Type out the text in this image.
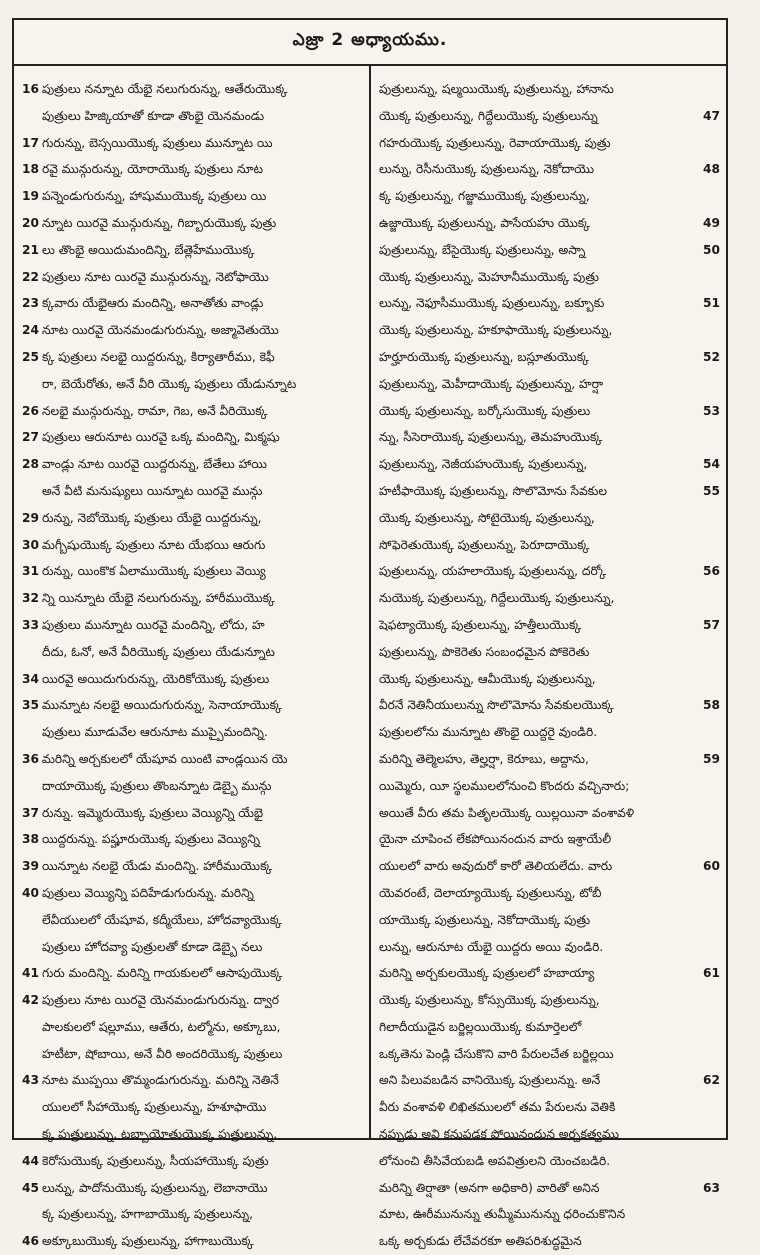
ఎజ్రా 2 అధ్యాయము.
16 పుత్రులు నన్నూట యేభై నలుగురున్ను, ఆతేరుయొక్క
పుత్రులు హిజ్కియాతో కూడా తొంభై యెనమండు
17 గురున్ను, బెస్సయియొక్క పుత్రులు మున్నూట యి
18 రవై మున్గురున్ను, యోరాయొక్క పుత్రులు నూట
19 పన్నెండుగురున్ను, హాషుముయొక్క పుత్రులు యి
20 న్నూట యిరవై మున్గురున్ను, గిబ్బారుయొక్క పుత్రు
21 లు తొంభై అయిదుమందిన్ని, బేత్లెహేముయొక్క
22 పుత్రులు నూట యిరవై మున్గురున్ను, నెటోఫాయొ
23 క్కవారు యేభైఆరు మందిన్ని, అనాతోతు వాండ్లు
24 నూట యిరవై యెనమండుగురున్ను, అజ్మావెతుయొ
25 క్క పుత్రులు నలభై యిద్దరున్ను, కిర్యాతారీము, కెఫీ
రా, బెయేరోతు, అనే వీరి యొక్క పుత్రులు యేడున్నూట
26 నలభై మున్గురున్ను, రామా, గెబ, అనే వీరియొక్క
27 పుత్రులు ఆరునూట యిరవై ఒక్క మందిన్ని, మిక్మషు
28 వాండ్లు నూట యిరవై యిద్దరున్ను, బేతేలు హాయి
అనే వీటి మనుష్యులు యిన్నూట యిరవై మున్గు
29 రున్ను, నెబోయొక్క పుత్రులు యేభై యిద్దరున్ను,
30 మగ్బీషుయొక్క పుత్రులు నూట యేభయి ఆరుగు
31 రున్ను, యింకొక ఏలాముయొక్క పుత్రులు వెయ్యి
32 న్ని యిన్నూట యేభై నలుగురున్ను, హారీముయొక్క
33 పుత్రులు మున్నూట యిరవై మందిన్ని, లోదు, హ
దీదు, ఓనో, అనే వీరియొక్క పుత్రులు యేడున్నూట
34 యిరవై అయిదుగురున్ను, యెరికోయొక్క పుత్రులు
35 మున్నూట నలభై అయిదుగురున్ను, సెనాయాయొక్క
పుత్రులు మూడువేల ఆరునూట ముప్పైమందిన్ని.
36 మరిన్ని అర్చకులలో యేషూవ యింటి వాండ్లయిన యె
దాయాయొక్క పుత్రులు తొంబన్నూట డెబ్బై మున్గు
37 రున్ను. ఇమ్మెరుయొక్క పుత్రులు వెయ్యిన్ని యేభై
38 యిద్దరున్ను. పష్హూరుయొక్క పుత్రులు వెయ్యిన్ని
39 యిన్నూట నలభై యేడు మందిన్ని. హారీముయొక్క
40 పుత్రులు వెయ్యిన్ని పదిహేడుగురున్ను. మరిన్ని
లేవీయులలో యేషూవ, కద్మీయేలు, హోదవ్యాయొక్క
పుత్రులు హోదవ్యా పుత్రులతో కూడా డెబ్బై నలు
41 గురు మందిన్ని. మరిన్ని గాయకులలో ఆసాపుయొక్క
42 పుత్రులు నూట యిరవై యెనమండుగురున్ను. ద్వార
పాలకులలో షల్లూము, ఆతేరు, టల్మోను, అక్కూబు,
హటీటా, షోబాయి, అనే వీరి అందరియొక్క పుత్రులు
43 నూట ముప్పయి తొమ్మండుగురున్ను. మరిన్ని నెతినే
యులలో సీహాయొక్క పుత్రులున్ను, హశూఫాయొ
క్క పుత్రులున్ను, టబ్బాయోతుయొక్క పుత్రులున్ను,
44 కెరోసుయొక్క పుత్రులున్ను, సీయహాయొక్క పుత్రు
45 లున్ను, పాదోనుయొక్క పుత్రులున్ను, లెబానాయొ
క్క పుత్రులున్ను, హగాబాయొక్క పుత్రులున్ను,
46 అక్కూబుయొక్క పుత్రులున్ను, హాగాబుయొక్క
పుత్రులున్ను, షల్మయియొక్క పుత్రులున్ను, హానాను
యొక్క పుత్రులున్ను, గిద్దేలుయొక్క పుత్రులున్ను	47
గహరుయొక్క పుత్రులున్ను, రెవాయాయొక్క పుత్రు
లున్ను, రెసీనుయొక్క పుత్రులున్ను, నెకోదాయొ	48
క్క పుత్రులున్ను, గజ్జాముయొక్క పుత్రులున్ను,
ఉజ్జాయొక్క పుత్రులున్ను, పాసేయహు యొక్క	49
పుత్రులున్ను, బేసైయొక్క పుత్రులున్ను, అస్నా	50
యొక్క పుత్రులున్ను, మెహూనీముయొక్క పుత్రు
లున్ను, నెఫూసీముయొక్క పుత్రులున్ను, బక్బూకు	51
యొక్క పుత్రులున్ను, హకూఫాయొక్క పుత్రులున్ను,
హర్హూరుయొక్క పుత్రులున్ను, బస్లూతుయొక్క	52
పుత్రులున్ను, మెహీదాయొక్క పుత్రులున్ను, హర్షా
యొక్క పుత్రులున్ను, బర్కోసుయొక్క పుత్రులు	53
న్ను, సీసెరాయొక్క పుత్రులున్ను, తెమహుయొక్క
పుత్రులున్ను, నెజీయహుయొక్క పుత్రులున్ను,	54
హటీఫాయొక్క పుత్రులున్ను, సొలొమోను సేవకుల	55
యొక్క పుత్రులున్ను, సోటైయొక్క పుత్రులున్ను,
సోఫెరెతుయొక్క పుత్రులున్ను, పెరూదాయొక్క
పుత్రులున్ను, యహలాయొక్క పుత్రులున్ను, దర్కో	56
నుయొక్క పుత్రులున్ను, గిద్దేలుయొక్క పుత్రులున్ను,
షెఫట్యాయొక్క పుత్రులున్ను, హత్తీలుయొక్క	57
పుత్రులున్ను, పొకెరెతు సంబంధమైన పోకెరెతు
యొక్క పుత్రులున్ను, ఆమీయొక్క పుత్రులున్ను,
వీరనే నెతినీయులున్ను సొలొమోను సేవకులయొక్క	58
పుత్రులలోను మున్నూట తొంభై యిద్దరై వుండిరి.
మరిన్ని తెల్మెలహు, తెల్హర్షా, కెరూబు, అద్దాను,	59
యిమ్మెరు, యీ స్థలములలోనుంచి కొందరు వచ్చినారు;
అయితే వీరు తమ పితృలయొక్క యిల్లయినా వంశావళి
యైనా చూపించ లేకపోయినందున వారు ఇశ్రాయేలీ
యులలో వారు అవుదురో కారో తెలియలేదు. వారు	60
యెవరంటే, దెలాయ్యాయొక్క పుత్రులున్ను, టోబీ
యాయొక్క పుత్రులున్ను, నెకోదాయొక్క పుత్రు
లున్ను, ఆరునూట యేభై యిద్దరు అయి వుండిరి.
మరిన్ని అర్చకులయొక్క పుత్రులలో హబాయ్యా	61
యొక్క పుత్రులున్ను, కోస్సుయొక్క పుత్రులున్ను,
గిలాదీయుడైన బర్జిల్లయియొక్క కుమార్తెలలో
ఒక్కతెను పెండ్లి చేసుకొని వారి పేరులచేత బర్జిల్లయి
అని పిలువబడిన వానియొక్క పుత్రులున్ను. అనే	62
వీరు వంశావళి లిఖితములలో తమ పేరులను వెతికి
నప్పుడు అవి కనుపడక పోయినందున అర్చకత్వము
లోనుంచి తీసివేయబడి అపవిత్రులని యెంచబడిరి.
మరిన్ని తిర్షాతా (అనగా అధికారి) వారితో అనిన	63
మాట, ఊరీమునున్ను తుమ్మీమునున్ను ధరించుకొనిన
ఒక్క అర్చకుడు లేచేవరకూ అతిపరిశుద్ధమైన
